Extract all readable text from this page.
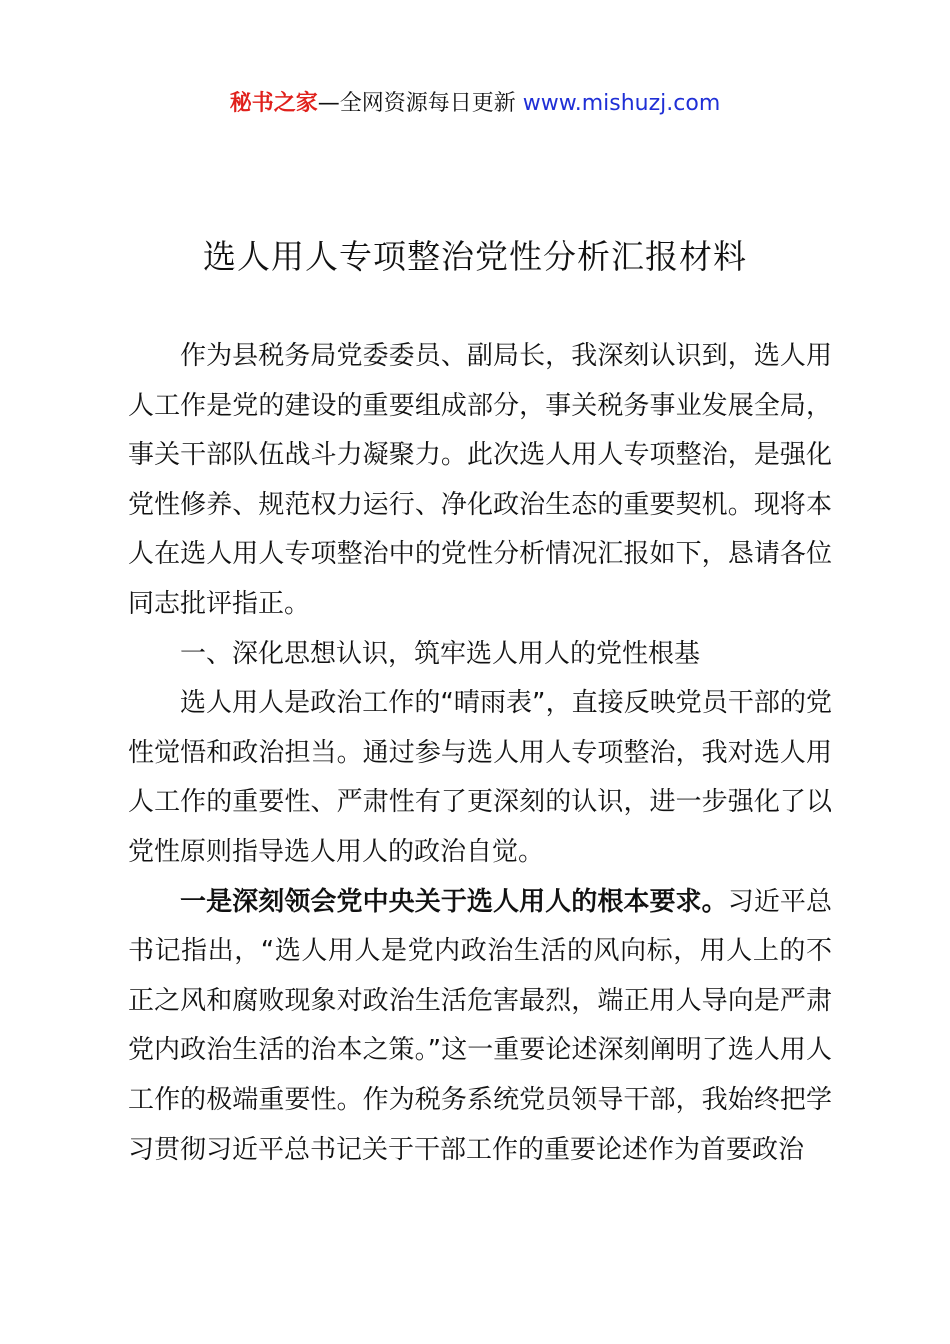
秘书之家—全网资源每日更新 www.mishuzj.com
选人用人专项整治党性分析汇报材料

作为县税务局党委委员、副局长，我深刻认识到，选人用人工作是党的建设的重要组成部分，事关税务事业发展全局，事关干部队伍战斗力凝聚力。此次选人用人专项整治，是强化党性修养、规范权力运行、净化政治生态的重要契机。现将本人在选人用人专项整治中的党性分析情况汇报如下，恳请各位同志批评指正。

一、深化思想认识，筑牢选人用人的党性根基

选人用人是政治工作的“晴雨表”，直接反映党员干部的党性觉悟和政治担当。通过参与选人用人专项整治，我对选人用人工作的重要性、严肃性有了更深刻的认识，进一步强化了以党性原则指导选人用人的政治自觉。

一是深刻领会党中央关于选人用人的根本要求。习近平总书记指出，“选人用人是党内政治生活的风向标，用人上的不正之风和腐败现象对政治生活危害最烈，端正用人导向是严肃党内政治生活的治本之策。”这一重要论述深刻阐明了选人用人工作的极端重要性。作为税务系统党员领导干部，我始终把学习贯彻习近平总书记关于干部工作的重要论述作为首要政治
